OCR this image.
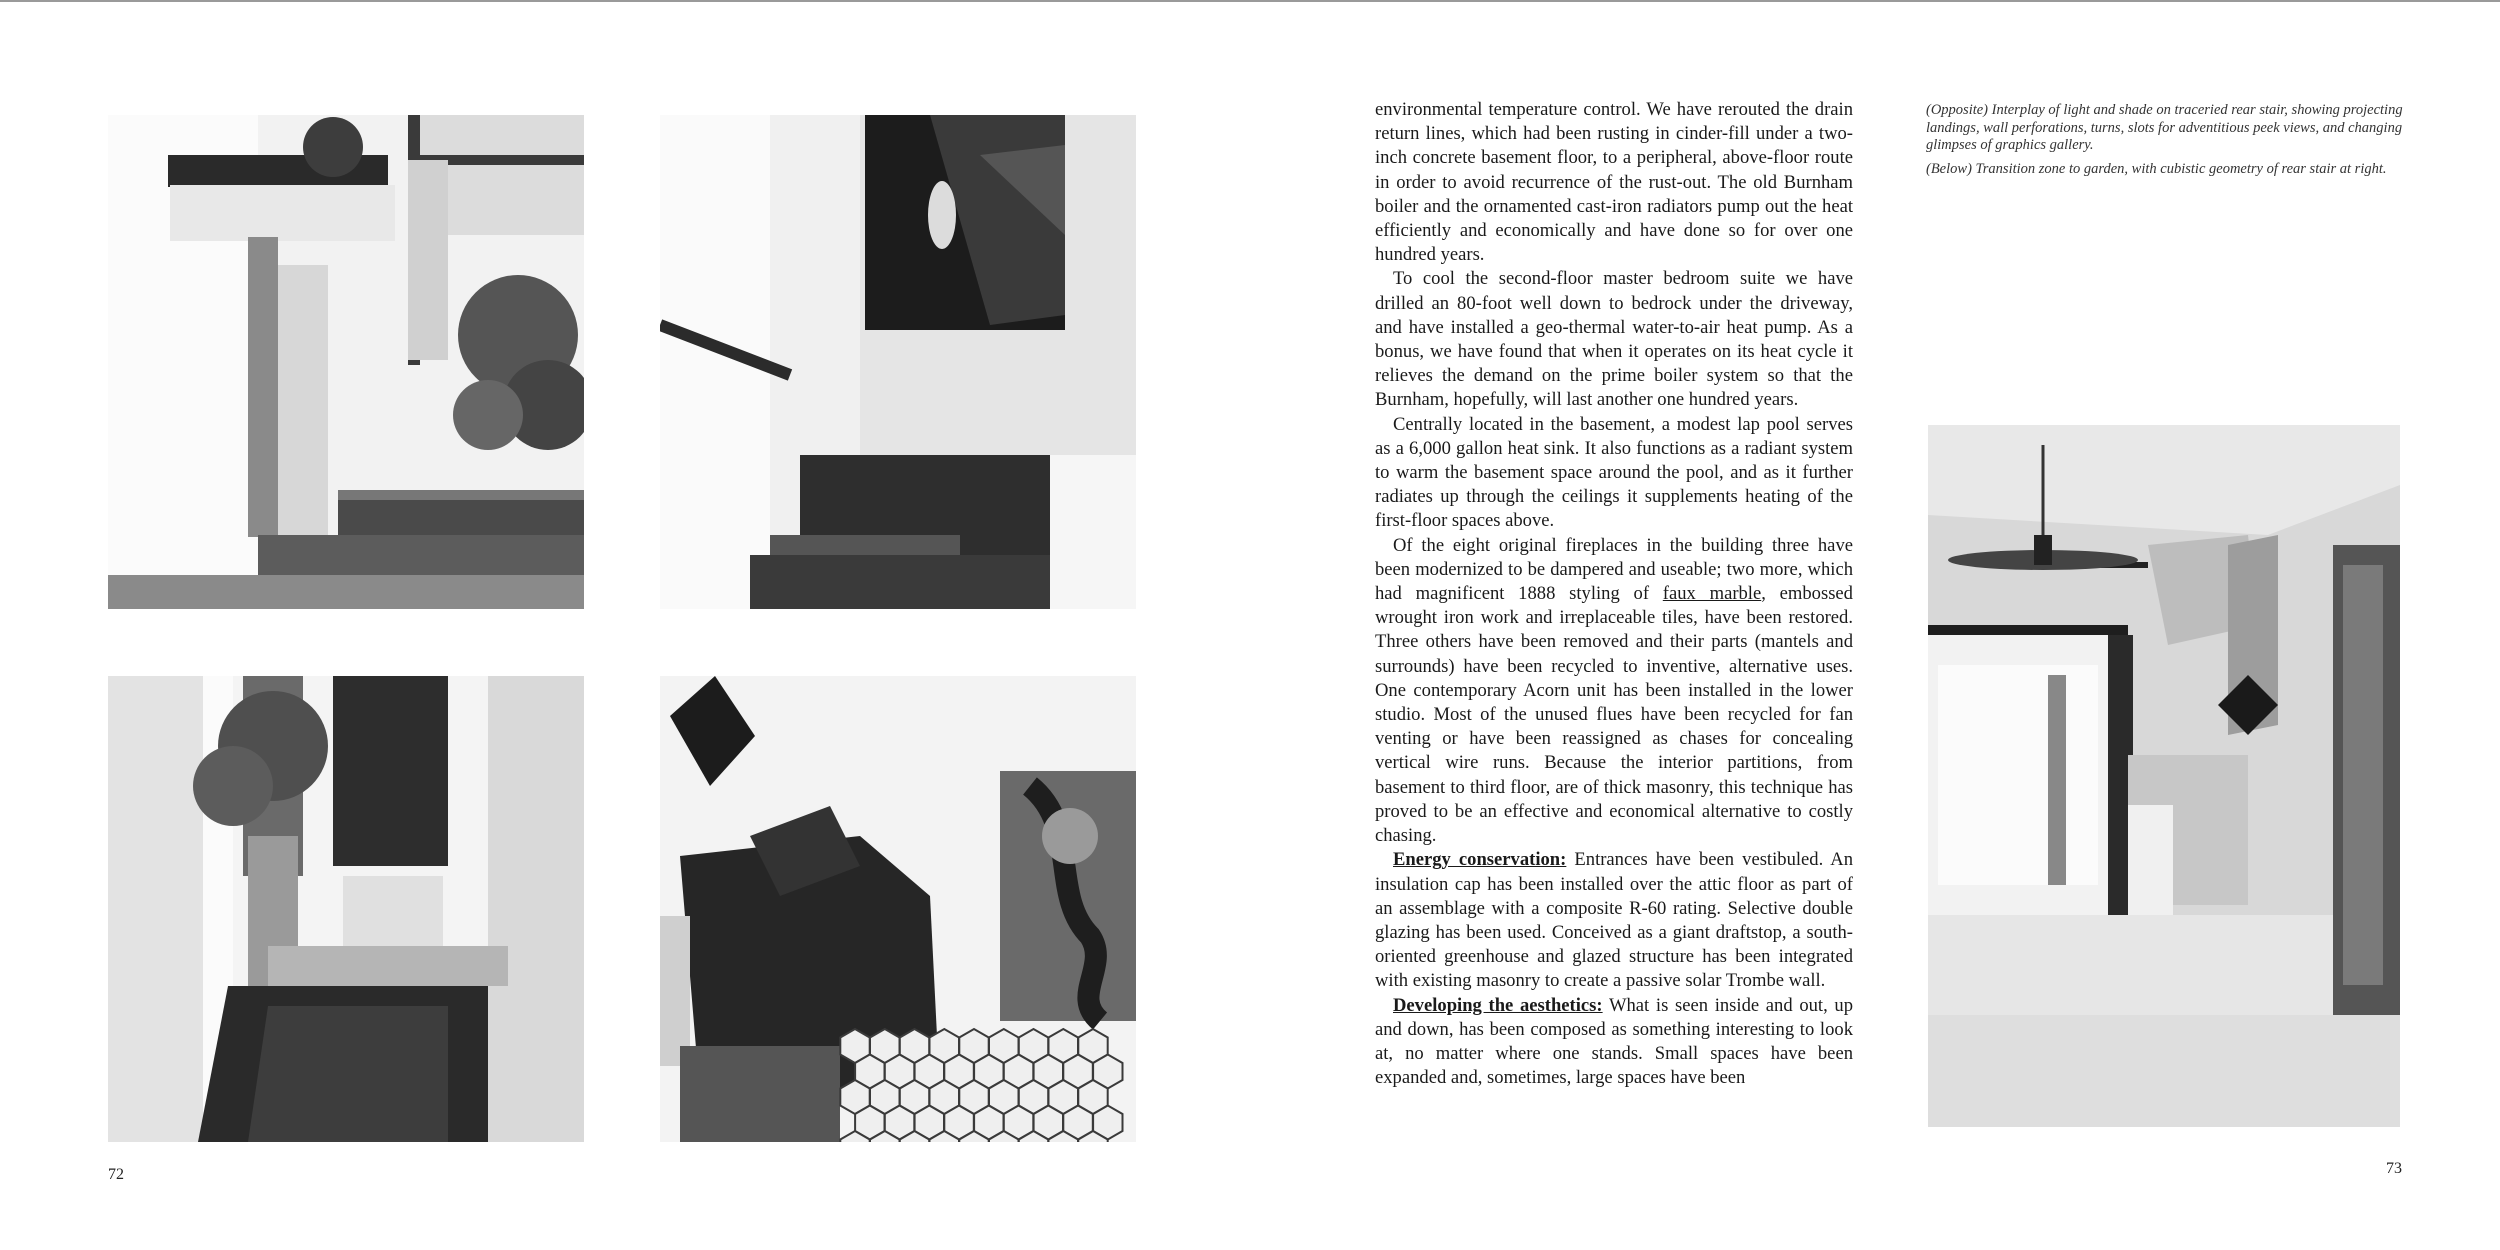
72

environmental temperature control. We have rerouted the drain return lines, which had been rusting in cinder-fill under a two-inch concrete basement floor, to a peripheral, above-floor route in order to avoid recurrence of the rust-out. The old Burnham boiler and the ornamented cast-iron radiators pump out the heat efficiently and economically and have done so for over one hundred years.

To cool the second-floor master bedroom suite we have drilled an 80-foot well down to bedrock under the driveway, and have installed a geo-thermal water-to-air heat pump. As a bonus, we have found that when it operates on its heat cycle it relieves the demand on the prime boiler system so that the Burnham, hopefully, will last another one hundred years.

Centrally located in the basement, a modest lap pool serves as a 6,000 gallon heat sink. It also functions as a radiant system to warm the basement space around the pool, and as it further radiates up through the ceilings it supplements heating of the first-floor spaces above.

Of the eight original fireplaces in the building three have been modernized to be dampered and useable; two more, which had magnificent 1888 styling of faux marble, embossed wrought iron work and irreplaceable tiles, have been restored. Three others have been removed and their parts (mantels and surrounds) have been recycled to inventive, alternative uses. One contemporary Acorn unit has been installed in the lower studio. Most of the unused flues have been recycled for fan venting or have been reassigned as chases for concealing vertical wire runs. Because the interior partitions, from basement to third floor, are of thick masonry, this technique has proved to be an effective and economical alternative to costly chasing.

Energy conservation: Entrances have been vestibuled. An insulation cap has been installed over the attic floor as part of an assemblage with a composite R-60 rating. Selective double glazing has been used. Conceived as a giant draftstop, a south-oriented greenhouse and glazed structure has been integrated with existing masonry to create a passive solar Trombe wall.

Developing the aesthetics: What is seen inside and out, up and down, has been composed as something interesting to look at, no matter where one stands. Small spaces have been expanded and, sometimes, large spaces have been

(Opposite) Interplay of light and shade on traceried rear stair, showing projecting landings, wall perforations, turns, slots for adventitious peek views, and changing glimpses of graphics gallery.

(Below) Transition zone to garden, with cubistic geometry of rear stair at right.

73
